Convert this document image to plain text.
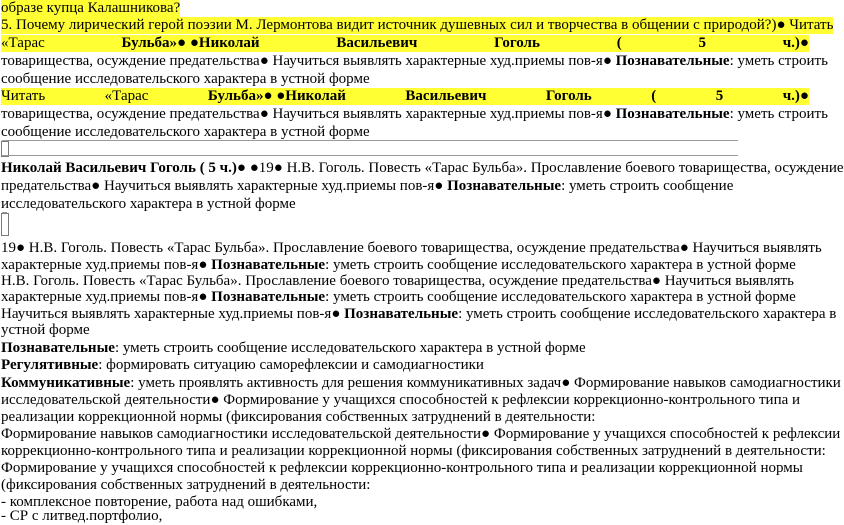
образе купца Калашникова?
5. Почему лирический герой поэзии М. Лермонтова видит источник душевных сил и творчества в общении с природой?)● Читать
«Тарас	Бульба»● ●Николай	Васильевич	Гоголь	(	5	ч.)●
товарищества, осуждение предательства● Научиться выявлять характерные худ.приемы пов-я● Познавательные: уметь строить
сообщение исследовательского характера в устной форме
Читать	«Тарас	Бульба»● ●Николай	Васильевич	Гоголь	(	5	ч.)●
товарищества, осуждение предательства● Научиться выявлять характерные худ.приемы пов-я● Познавательные: уметь строить
сообщение исследовательского характера в устной форме
Николай Васильевич Гоголь ( 5 ч.)● ●19● Н.В. Гоголь. Повесть «Тарас Бульба». Прославление боевого товарищества, осуждение
предательства● Научиться выявлять характерные худ.приемы пов-я● Познавательные: уметь строить сообщение
исследовательского характера в устной форме
19● Н.В. Гоголь. Повесть «Тарас Бульба». Прославление боевого товарищества, осуждение предательства● Научиться выявлять
характерные худ.приемы пов-я● Познавательные: уметь строить сообщение исследовательского характера в устной форме
Н.В. Гоголь. Повесть «Тарас Бульба». Прославление боевого товарищества, осуждение предательства● Научиться выявлять
характерные худ.приемы пов-я● Познавательные: уметь строить сообщение исследовательского характера в устной форме
Научиться выявлять характерные худ.приемы пов-я● Познавательные: уметь строить сообщение исследовательского характера в
устной форме
Познавательные: уметь строить сообщение исследовательского характера в устной форме
Регулятивные: формировать ситуацию саморефлексии и самодиагностики
Коммуникативные: уметь проявлять активность для решения коммуникативных задач● Формирование навыков самодиагностики
исследовательской деятельности● Формирование у учащихся способностей к рефлексии коррекционно-контрольного типа и
реализации коррекционной нормы (фиксирования собственных затруднений в деятельности:
Формирование навыков самодиагностики исследовательской деятельности● Формирование у учащихся способностей к рефлексии
коррекционно-контрольного типа и реализации коррекционной нормы (фиксирования собственных затруднений в деятельности:
Формирование у учащихся способностей к рефлексии коррекционно-контрольного типа и реализации коррекционной нормы
(фиксирования собственных затруднений в деятельности:
- комплексное повторение, работа над ошибками,
- СР с литвед.портфолио,
